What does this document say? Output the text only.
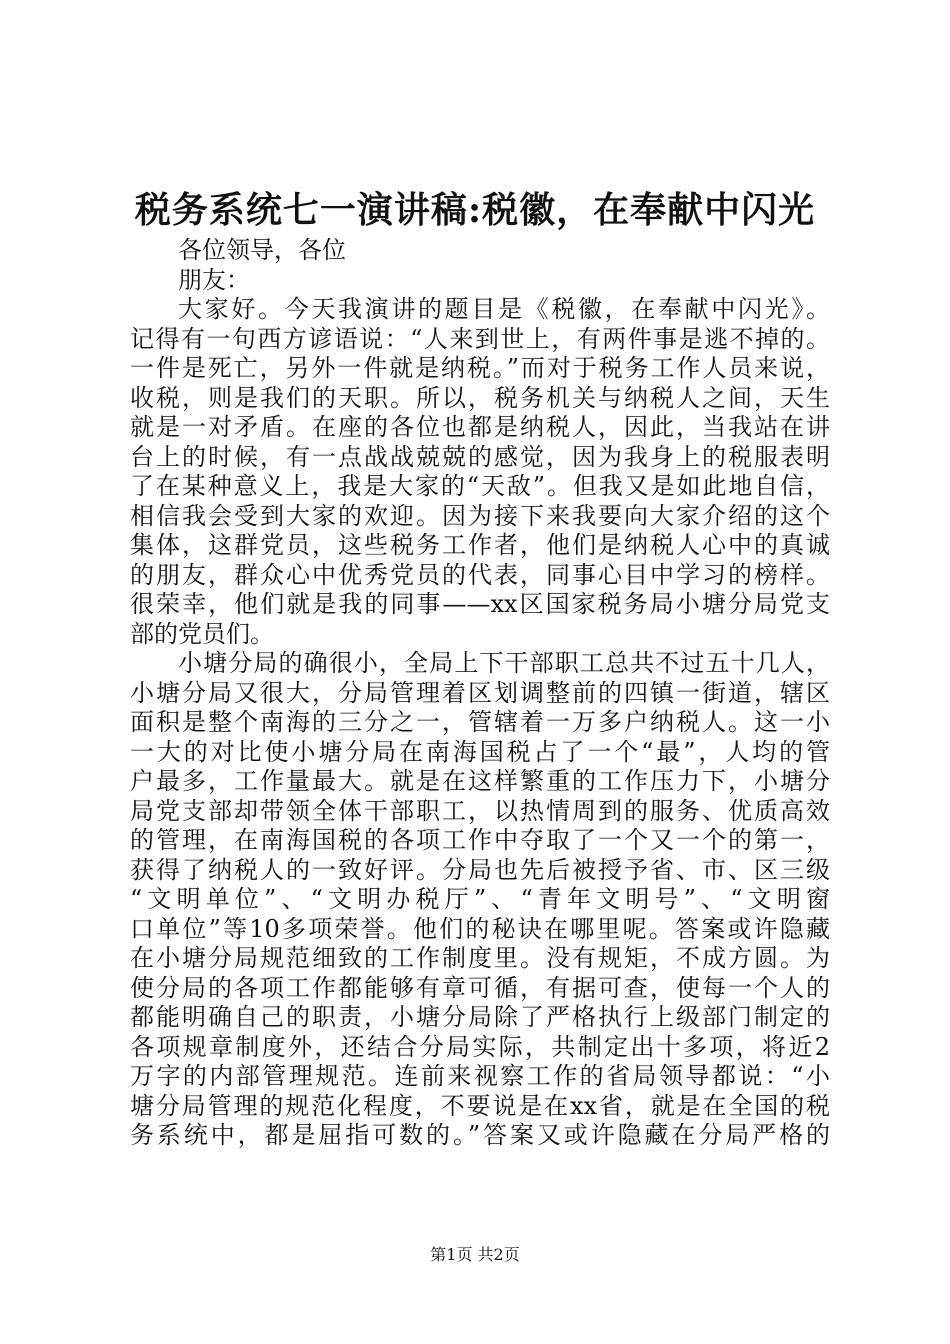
税务系统七一演讲稿:税徽，在奉献中闪光
各位领导，各位
朋友：
大家好。今天我演讲的题目是《税徽，在奉献中闪光》。
记得有一句西方谚语说：“人来到世上，有两件事是逃不掉的。
一件是死亡，另外一件就是纳税。”而对于税务工作人员来说，
收税，则是我们的天职。所以，税务机关与纳税人之间，天生
就是一对矛盾。在座的各位也都是纳税人，因此，当我站在讲
台上的时候，有一点战战兢兢的感觉，因为我身上的税服表明
了在某种意义上，我是大家的“天敌”。但我又是如此地自信，
相信我会受到大家的欢迎。因为接下来我要向大家介绍的这个
集体，这群党员，这些税务工作者，他们是纳税人心中的真诚
的朋友，群众心中优秀党员的代表，同事心目中学习的榜样。
很荣幸，他们就是我的同事——xx区国家税务局小塘分局党支
部的党员们。
小塘分局的确很小，全局上下干部职工总共不过五十几人，
小塘分局又很大，分局管理着区划调整前的四镇一街道，辖区
面积是整个南海的三分之一，管辖着一万多户纳税人。这一小
一大的对比使小塘分局在南海国税占了一个“最”，人均的管
户最多，工作量最大。就是在这样繁重的工作压力下，小塘分
局党支部却带领全体干部职工，以热情周到的服务、优质高效
的管理，在南海国税的各项工作中夺取了一个又一个的第一，
获得了纳税人的一致好评。分局也先后被授予省、市、区三级
“文明单位”、“文明办税厅”、“青年文明号”、“文明窗
口单位”等10多项荣誉。他们的秘诀在哪里呢。答案或许隐藏
在小塘分局规范细致的工作制度里。没有规矩，不成方圆。为
使分局的各项工作都能够有章可循，有据可查，使每一个人的
都能明确自己的职责，小塘分局除了严格执行上级部门制定的
各项规章制度外，还结合分局实际，共制定出十多项，将近2
万字的内部管理规范。连前来视察工作的省局领导都说：“小
塘分局管理的规范化程度，不要说是在xx省，就是在全国的税
务系统中，都是屈指可数的。”答案又或许隐藏在分局严格的
第1页 共2页
